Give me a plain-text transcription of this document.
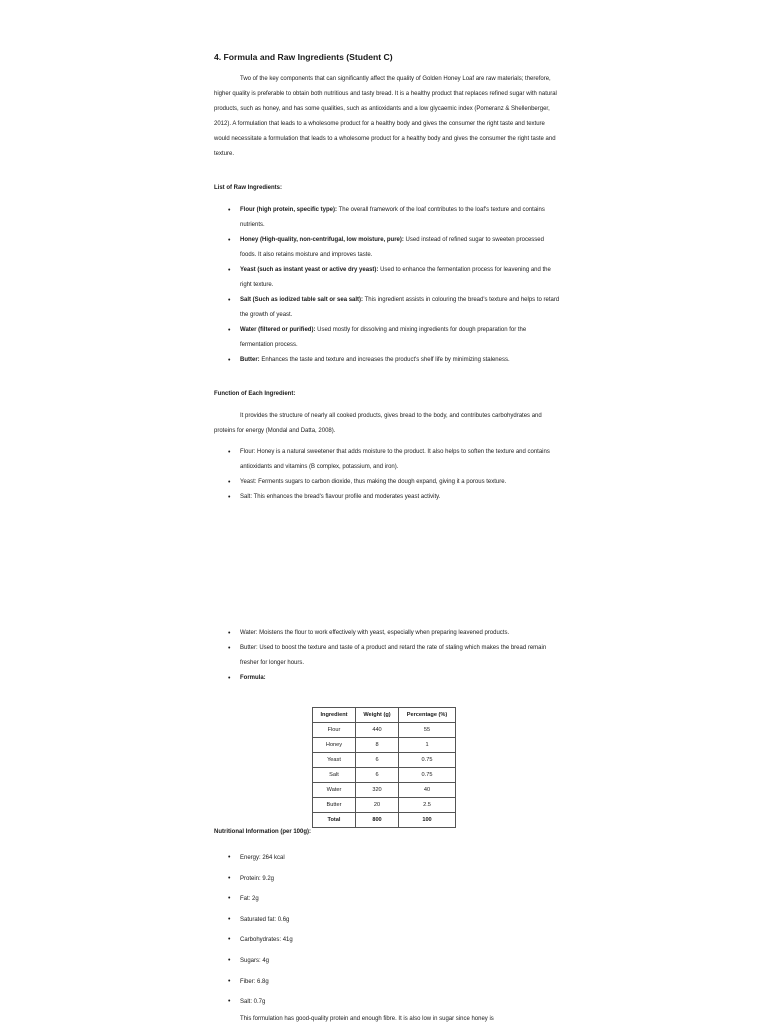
4. Formula and Raw Ingredients (Student C)

Two of the key components that can significantly affect the quality of Golden Honey Loaf are raw materials; therefore, higher quality is preferable to obtain both nutritious and tasty bread. It is a healthy product that replaces refined sugar with natural products, such as honey, and has some qualities, such as antioxidants and a low glycaemic index (Pomeranz & Shellenberger, 2012). A formulation that leads to a wholesome product for a healthy body and gives the consumer the right taste and texture would necessitate a formulation that leads to a wholesome product for a healthy body and gives the consumer the right taste and texture.

List of Raw Ingredients:
• Flour (high protein, specific type): The overall framework of the loaf contributes to the loaf's texture and contains nutrients.
• Honey (High-quality, non-centrifugal, low moisture, pure): Used instead of refined sugar to sweeten processed foods. It also retains moisture and improves taste.
• Yeast (such as instant yeast or active dry yeast): Used to enhance the fermentation process for leavening and the right texture.
• Salt (Such as iodized table salt or sea salt): This ingredient assists in colouring the bread's texture and helps to retard the growth of yeast.
• Water (filtered or purified): Used mostly for dissolving and mixing ingredients for dough preparation for the fermentation process.
• Butter: Enhances the taste and texture and increases the product's shelf life by minimizing staleness.
Function of Each Ingredient:

It provides the structure of nearly all cooked products, gives bread to the body, and contributes carbohydrates and proteins for energy (Mondal and Datta, 2008).

• Flour: Honey is a natural sweetener that adds moisture to the product. It also helps to soften the texture and contains antioxidants and vitamins (B complex, potassium, and iron).
• Yeast: Ferments sugars to carbon dioxide, thus making the dough expand, giving it a porous texture.
• Salt: This enhances the bread's flavour profile and moderates yeast activity.
• Water: Moistens the flour to work effectively with yeast, especially when preparing leavened products.
• Butter: Used to boost the texture and taste of a product and retard the rate of staling which makes the bread remain fresher for longer hours.
• Formula:
Ingredient	Weight (g)	Percentage (%)
Flour	440	55
Honey	8	1
Yeast	6	0.75
Salt	6	0.75
Water	320	40
Butter	20	2.5
Total	800	100
Nutritional Information (per 100g):
• Energy: 264 kcal
• Protein: 9.2g
• Fat: 2g
• Saturated fat: 0.6g
• Carbohydrates: 41g
• Sugars: 4g
• Fiber: 6.8g
• Salt: 0.7g
This formulation has good-quality protein and enough fibre. It is also low in sugar since honey is
